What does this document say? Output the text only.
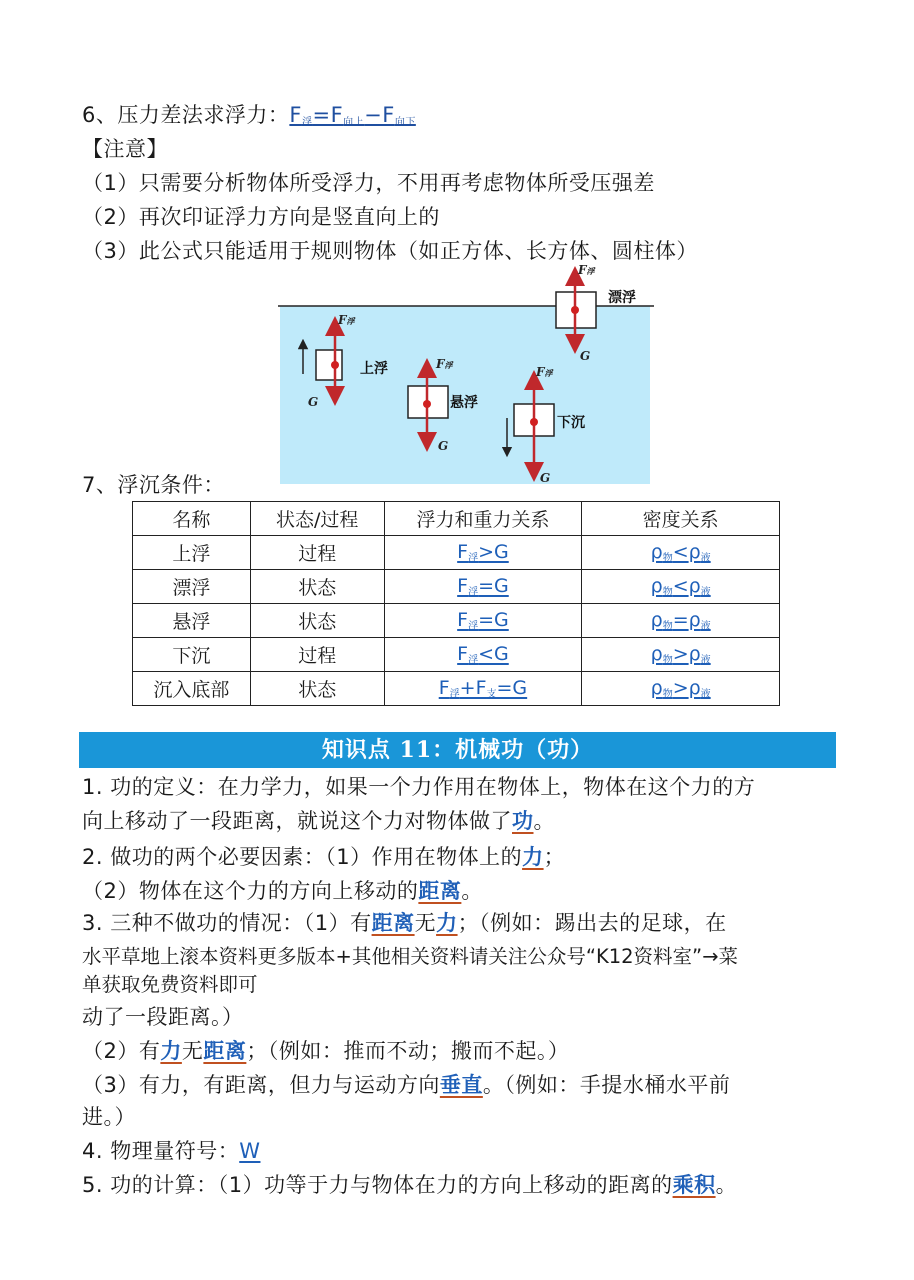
6、压力差法求浮力：$F_浮=F_{向上}-F_{向下}$
【注意】
（1）只需要分析物体所受浮力，不用再考虑物体所受压强差
（2）再次印证浮力方向是竖直向上的
（3）此公式只能适用于规则物体（如正方体、长方体、圆柱体）
F浮
G
上浮	F浮
G
悬浮
F浮
G
下沉
F浮
G
漂浮
7、浮沉条件：
名称	状态/过程	浮力和重力关系	密度关系
上浮	过程	$F_浮>G$	$\rho_物<\rho_液$
漂浮	状态	$F_浮=G$	$\rho_物<\rho_液$
悬浮	状态	$F_浮=G$	$\rho_物=\rho_液$
下沉	过程	$F_浮<G$	$\rho_物>\rho_液$
沉入底部	状态	$F_浮+F_支=G$	$\rho_物>\rho_液$
知识点 11：机械功（功）
1. 功的定义：在力学力，如果一个力作用在物体上，物体在这个力的方
向上移动了一段距离，就说这个力对物体做了功。
2. 做功的两个必要因素：（1）作用在物体上的力；
（2）物体在这个力的方向上移动的距离。
3. 三种不做功的情况：（1）有距离无力；（例如：踢出去的足球，在
水平草地上滚本资料更多版本+其他相关资料请关注公众号“K12资料室”→菜
单获取免费资料即可
动了一段距离。）
（2）有力无距离；（例如：推而不动；搬而不起。）
（3）有力，有距离，但力与运动方向垂直。（例如：手提水桶水平前
进。）
4. 物理量符号：W
5. 功的计算：（1）功等于力与物体在力的方向上移动的距离的乘积。
